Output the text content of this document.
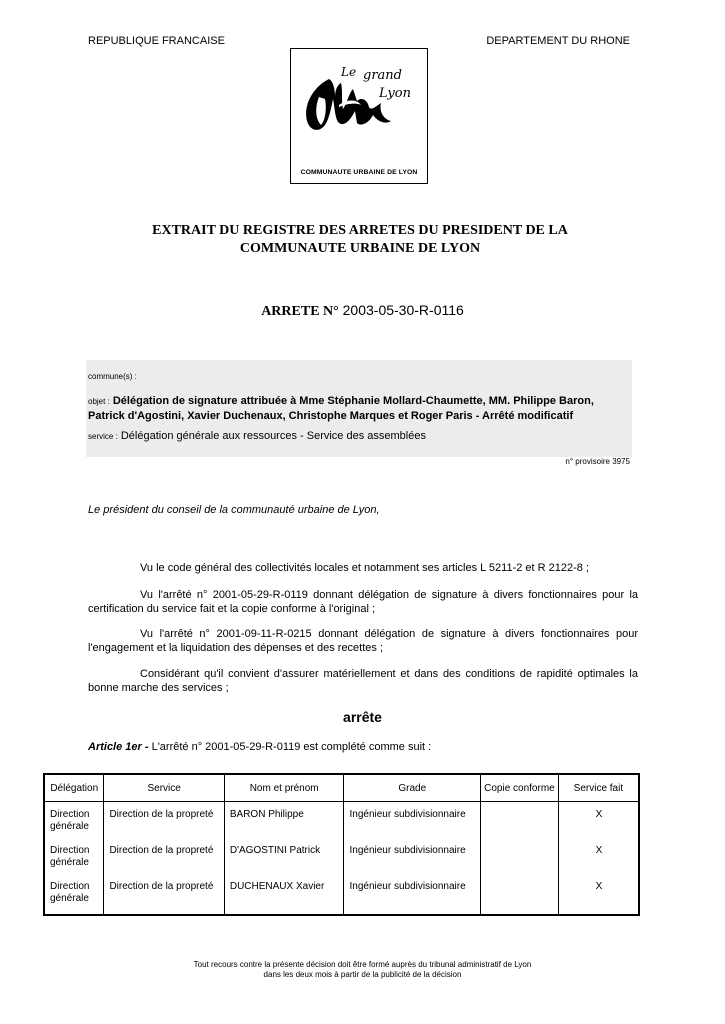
REPUBLIQUE FRANCAISE	DEPARTEMENT DU RHONE
Le grand
Lyon
COMMUNAUTE URBAINE DE LYON
EXTRAIT DU REGISTRE DES ARRETES DU PRESIDENT DE LA
COMMUNAUTE URBAINE DE LYON
ARRETE N° 2003-05-30-R-0116
commune(s) :
objet : Délégation de signature attribuée à Mme Stéphanie Mollard-Chaumette, MM. Philippe Baron, Patrick d'Agostini, Xavier Duchenaux, Christophe Marques et Roger Paris - Arrêté modificatif
service : Délégation générale aux ressources - Service des assemblées
n° provisoire 3975
Le président du conseil de la communauté urbaine de Lyon,
Vu le code général des collectivités locales et notamment ses articles L 5211-2 et R 2122-8 ;
Vu l'arrêté n° 2001-05-29-R-0119 donnant délégation de signature à divers fonctionnaires pour la certification du service fait et la copie conforme à l'original ;
Vu l'arrêté n° 2001-09-11-R-0215 donnant délégation de signature à divers fonctionnaires pour l'engagement et la liquidation des dépenses et des recettes ;
Considérant qu'il convient d'assurer matériellement et dans des conditions de rapidité optimales la bonne marche des services ;
arrête
Article 1er - L'arrêté n° 2001-05-29-R-0119 est complété comme suit :
Délégation	Service	Nom et prénom	Grade	Copie conforme	Service fait
Direction générale	Direction de la propreté	BARON Philippe	Ingénieur subdivisionnaire		X
Direction générale	Direction de la propreté	D'AGOSTINI Patrick	Ingénieur subdivisionnaire		X
Direction générale	Direction de la propreté	DUCHENAUX Xavier	Ingénieur subdivisionnaire		X
Tout recours contre la présente décision doit être formé auprès du tribunal administratif de Lyon
dans les deux mois à partir de la publicité de la décision
